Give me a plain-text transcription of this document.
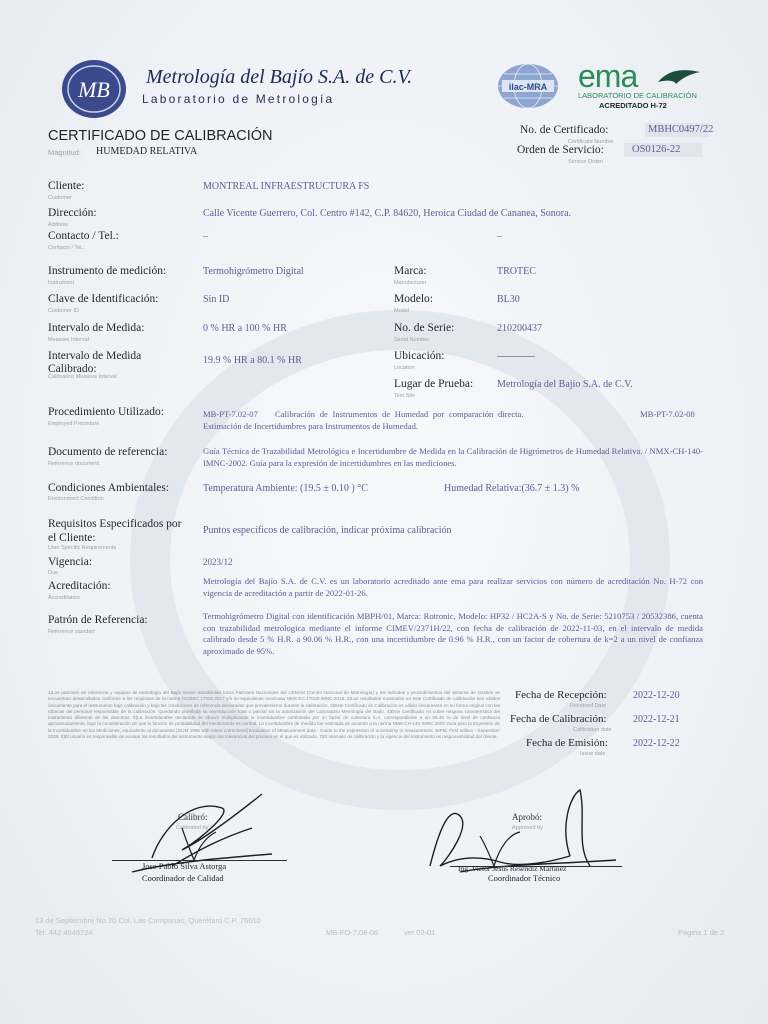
MB Metrología del Bajío S.A. de C.V.
Laboratorio de Metrología
ilac-MRA ema
LABORATORIO DE CALIBRACIÓN
ACREDITADO H-72
CERTIFICADO DE CALIBRACIÓN
Magnitud: HUMEDAD RELATIVA
No. de Certificado:
Certificate Number
MBHC0497/22
Orden de Servicio:
Service Orden
OS0126-22
Cliente:
Customer
MONTREAL INFRAESTRUCTURA FS
Dirección:
Address
Calle Vicente Guerrero, Col. Centro #142, C.P. 84620, Heroica Ciudad de Cananea, Sonora.
Contacto / Tel.:
Contacto / Tel.:
–	–
Instrumento de medición:
Instrument
Termohigrómetro Digital
Clave de Identificación:
Customer ID
Sin ID
Intervalo de Medida:
Measure Interval
0 % HR a 100 % HR
Intervalo de Medida
Calibrado:
Calibration Measure Interval
19.9 % HR a 80.1 % HR
Marca:
Manufacturer
TROTEC
Modelo:
Model
BL30
No. de Serie:
Serial Number
210200437
Ubicación:
Location
Lugar de Prueba:
Test Site
Metrología del Bajío S.A. de C.V.
Procedimiento Utilizado:
Employed Procedure
MB-PT-7.02-07 Calibración de Instrumentos de Humedad por comparación directa.	MB-PT-7.02-08
Estimación de Incertidumbres para Instrumentos de Humedad.
Documento de referencia:
Reference document
Guía Técnica de Trazabilidad Metrológica e Incertidumbre de Medida en la Calibración de Higrómetros de Humedad Relativa. / NMX-CH-140-IMNC-2002. Guía para la expresión de incertidumbres en las mediciones.
Condiciones Ambientales:
Environment Condition
Temperatura Ambiente: (19.5 ± 0.10 ) °C	Humedad Relativa:(36.7 ± 1.3) %
Requisitos Especificados por
el Cliente:
User Specific Requirements
Puntos específicos de calibración, indicar próxima calibración
Vigencia:
Due
2023/12
Acreditación:
Accreditation
Metrología del Bajío S.A. de C.V. es un laboratorio acreditado ante ema para realizar servicios con número de acreditación No. H-72 con vigencia de acreditación a partir de 2022-01-26.
Patrón de Referencia:
Reference standart
Termohigrómetro Digital con identificación MBPH/01, Marca: Rotronic, Modelo: HP32 / HC2A-S y No. de Serie: 5210753 / 20532386, cuenta con trazabilidad metrologica mediante el informe CIMEV/2371H/22, con fecha de calibración de 2022-11-03, en el intervalo de medida calibrado desde 5 % H.R. a 90.06 % H.R., con una incertidumbre de 0.96 % H.R., con un factor de cobertura de k=2 a un nivel de confianza aproximado de 95%.
1)Los patrones de referencia y equipos de Metrología del Bajío tienen trazabilidad hacia Patrones Nacionales del CENAM (Centro Nacional de Metrología) y los métodos y procedimientos del Sistema de Gestión se encuentran desarrollados conforme a los requisitos de la norma ISO/IEC 17025:2017 y/o su equivalente mexicana NMX-EC-17025-IMNC-2018. 2)Los resultados mostrados en este Certificado de calibración son válidos únicamente para el instrumento bajo calibración y bajo las condiciones de referencia declaradas que prevalecieron durante la calibración. 3)Este Certificado de Calibración es válido únicamente en su forma original con las rúbricas del personal responsable de la calibración. Quedando prohibida su reproducción total o parcial sin la autorización del Laboratorio Metrología del Bajío. 4)Este Certificado no cubre ninguna característica del instrumento diferente de las descritas. 5)La incertidumbre declarada se obtuvo multiplicando la incertidumbre combinada por un factor de cobertura k=2, correspondiente a un 95.45 % de nivel de confianza aproximadamente, bajo la consideración de que la función de probabilidad del mensurando es normal. La incertidumbre de medida fue estimada de acuerdo a la norma NMX-CH-140-IMNC 2002 Guía para la Expresión de la Incertidumbre en las Mediciones, equivalente al documento [GUM 1995 with minor corrections] Evaluation of Measurement data - Guide to the expression of uncertainty in measurement. BIPM. First edition - September 2008. 6)El usuario es responsable de evaluar los resultados del instrumento según las tolerancias del proceso en el que es utilizado. 7)El intervalo de calibración y la vigencia del instrumento es responsabilidad del cliente.
Fecha de Recepción:
Received Date
2022-12-20
Fecha de Calibración:
Calibration date
2022-12-21
Fecha de Emisión:
Issue date
2022-12-22
Calibró:
Calibrated by
Jose Pablo Silva Astorga
Coordinador de Calidad
Aprobó:
Approved by
Ing. Victor Jesus Reséndiz Martínez
Coordinador Técnico
13 de Septiembre No.20 Col. Las Campanas, Querétaro C.P. 76010
Tel: 442 4048724	MB-FO-7.08-06	ver.02-01	Página 1 de 2
